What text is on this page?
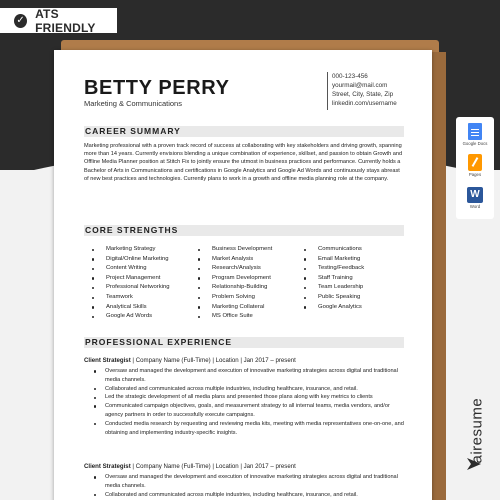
✓ ATS FRIENDLY
BETTY PERRY
Marketing & Communications
000-123-456
yourmail@mail.com
Street, City, State, Zip
linkedin.com/username
CAREER SUMMARY
Marketing professional with a proven track record of success at collaborating with key stakeholders and driving growth, spanning more than 14 years. Currently envisions blending a unique combination of experience, skillset, and passion to obtain Growth and Offline Media Planner position at Stitch Fix to jointly ensure the utmost in business practices and performance. Currently holds a Bachelor of Arts in Communications and certifications in Google Analytics and Google Ad Words and continuously stays abreast of new best practices and technologies. Currently plans to work in a growth and offline media planning role at the company.
CORE STRENGTHS
Marketing Strategy
Digital/Online Marketing
Content Writing
Project Management
Professional Networking
Teamwork
Analytical Skills
Google Ad Words
Business Development
Market Analysis
Research/Analysis
Program Development
Relationship-Building
Problem Solving
Marketing Collateral
MS Office Suite
Communications
Email Marketing
Testing/Feedback
Staff Training
Team Leadership
Public Speaking
Google Analytics
PROFESSIONAL EXPERIENCE
Client Strategist | Company Name (Full-Time) | Location | Jan 2017 – present
Oversaw and managed the development and execution of innovative marketing strategies across digital and traditional media channels.
Collaborated and communicated across multiple industries, including healthcare, insurance, and retail.
Led the strategic development of all media plans and presented those plans along with key metrics to clients
Communicated campaign objectives, goals, and measurement strategy to all internal teams, media vendors, and/or agency partners in order to successfully execute campaigns.
Conducted media research by requesting and reviewing media kits, meeting with media representatives one-on-one, and obtaining and implementing industry-specific insights.
Client Strategist | Company Name (Full-Time) | Location | Jan 2017 – present
Oversaw and managed the development and execution of innovative marketing strategies across digital and traditional media channels.
Collaborated and communicated across multiple industries, including healthcare, insurance, and retail.
Google Docs
Pages
W
Word
airesume
